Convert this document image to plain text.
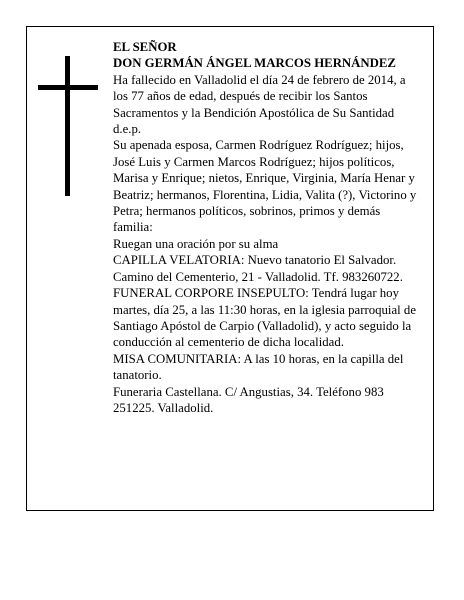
EL SEÑOR

DON GERMÁN ÁNGEL MARCOS HERNÁNDEZ

Ha fallecido en Valladolid el día 24 de febrero de 2014, a los 77 años de edad, después de recibir los Santos Sacramentos y la Bendición Apostólica de Su Santidad d.e.p.

Su apenada esposa, Carmen Rodríguez Rodríguez; hijos, José Luis y Carmen Marcos Rodríguez; hijos políticos, Marisa y Enrique; nietos, Enrique, Virginia, María Henar y Beatriz; hermanos, Florentina, Lidia, Valita (?), Victorino y Petra; hermanos políticos, sobrinos, primos y demás familia:

Ruegan una oración por su alma

CAPILLA VELATORIA: Nuevo tanatorio El Salvador. Camino del Cementerio, 21 - Valladolid. Tf. 983260722.

FUNERAL CORPORE INSEPULTO: Tendrá lugar hoy martes, día 25, a las 11:30 horas, en la iglesia parroquial de Santiago Apóstol de Carpio (Valladolid), y acto seguido la conducción al cementerio de dicha localidad.

MISA COMUNITARIA: A las 10 horas, en la capilla del tanatorio.

Funeraria Castellana. C/ Angustias, 34. Teléfono 983 251225. Valladolid.
